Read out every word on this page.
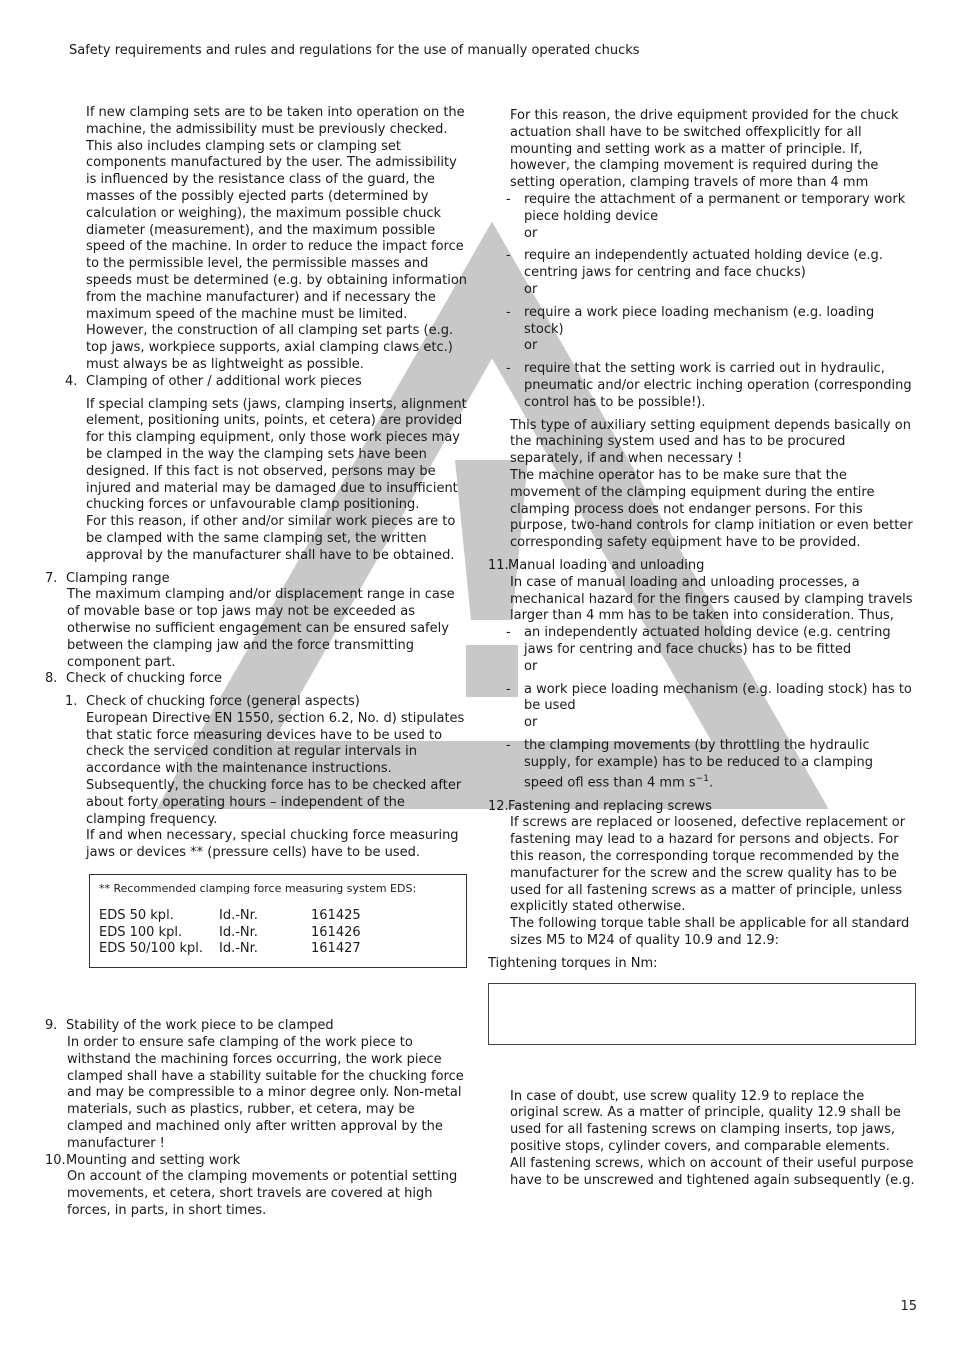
Safety requirements and rules and regulations for the use of manually operated chucks

If new clamping sets are to be taken into operation on the machine, the admissibility must be previously checked. This also includes clamping sets or clamping set components manufactured by the user. The admissibility is influenced by the resistance class of the guard, the masses of the possibly ejected parts (determined by calculation or weighing), the maximum possible chuck diameter (measurement), and the maximum possible speed of the machine. In order to reduce the impact force to the permissible level, the permissible masses and speeds must be determined (e.g. by obtaining information from the machine manufacturer) and if necessary the maximum speed of the machine must be limited. However, the construction of all clamping set parts (e.g. top jaws, workpiece supports, axial clamping claws etc.) must always be as lightweight as possible.

4. Clamping of other / additional work pieces

If special clamping sets (jaws, clamping inserts, alignment element, positioning units, points, et cetera) are provided for this clamping equipment, only those work pieces may be clamped in the way the clamping sets have been designed. If this fact is not observed, persons may be injured and material may be damaged due to insufficient chucking forces or unfavourable clamp positioning.

For this reason, if other and/or similar work pieces are to be clamped with the same clamping set, the written approval by the manufacturer shall have to be obtained.

7. Clamping range

The maximum clamping and/or displacement range in case of movable base or top jaws may not be exceeded as otherwise no sufficient engagement can be ensured safely between the clamping jaw and the force transmitting component part.

8. Check of chucking force
1. Check of chucking force (general aspects)

European Directive EN 1550, section 6.2, No. d) stipulates that static force measuring devices have to be used to check the serviced condition at regular intervals in accordance with the maintenance instructions. Subsequently, the chucking force has to be checked after about forty operating hours – independent of the clamping frequency.

If and when necessary, special chucking force measuring jaws or devices ** (pressure cells) have to be used.

** Recommended clamping force measuring system EDS:
EDS 50 kpl.	Id.-Nr.	161425
EDS 100 kpl.	Id.-Nr.	161426
EDS 50/100 kpl.	Id.-Nr.	161427
9. Stability of the work piece to be clamped

In order to ensure safe clamping of the work piece to withstand the machining forces occurring, the work piece clamped shall have a stability suitable for the chucking force and may be compressible to a minor degree only. Non-metal materials, such as plastics, rubber, et cetera, may be clamped and machined only after written approval by the manufacturer !

10. Mounting and setting work

On account of the clamping movements or potential setting movements, et cetera, short travels are covered at high forces, in parts, in short times.

For this reason, the drive equipment provided for the chuck actuation shall have to be switched offexplicitly for all mounting and setting work as a matter of principle. If, however, the clamping movement is required during the setting operation, clamping travels of more than 4 mm

-	require the attachment of a permanent or temporary work piece holding device

or

-	require an independently actuated holding device (e.g. centring jaws for centring and face chucks)

or

-	require a work piece loading mechanism (e.g. loading stock)

or

-	require that the setting work is carried out in hydraulic, pneumatic and/or electric inching operation (corresponding control has to be possible!).

This type of auxiliary setting equipment depends basically on the machining system used and has to be procured separately, if and when necessary !

The machine operator has to be make sure that the movement of the clamping equipment during the entire clamping process does not endanger persons. For this purpose, two-hand controls for clamp initiation or even better corresponding safety equipment have to be provided.

11. Manual loading and unloading

In case of manual loading and unloading processes, a mechanical hazard for the fingers caused by clamping travels larger than 4 mm has to be taken into consideration. Thus,

-	an independently actuated holding device (e.g. centring jaws for centring and face chucks) has to be fitted

or

-	a work piece loading mechanism (e.g. loading stock) has to be used

or

-	the clamping movements (by throttling the hydraulic supply, for example) has to be reduced to a clamping speed ofl ess than 4 mm $s^{-1}$.

12. Fastening and replacing screws

If screws are replaced or loosened, defective replacement or fastening may lead to a hazard for persons and objects. For this reason, the corresponding torque recommended by the manufacturer for the screw and the screw quality has to be used for all fastening screws as a matter of principle, unless explicitly stated otherwise.

The following torque table shall be applicable for all standard sizes M5 to M24 of quality 10.9 and 12.9:

Tightening torques in Nm:

In case of doubt, use screw quality 12.9 to replace the original screw. As a matter of principle, quality 12.9 shall be used for all fastening screws on clamping inserts, top jaws, positive stops, cylinder covers, and comparable elements.

All fastening screws, which on account of their useful purpose have to be unscrewed and tightened again subsequently (e.g.

15
